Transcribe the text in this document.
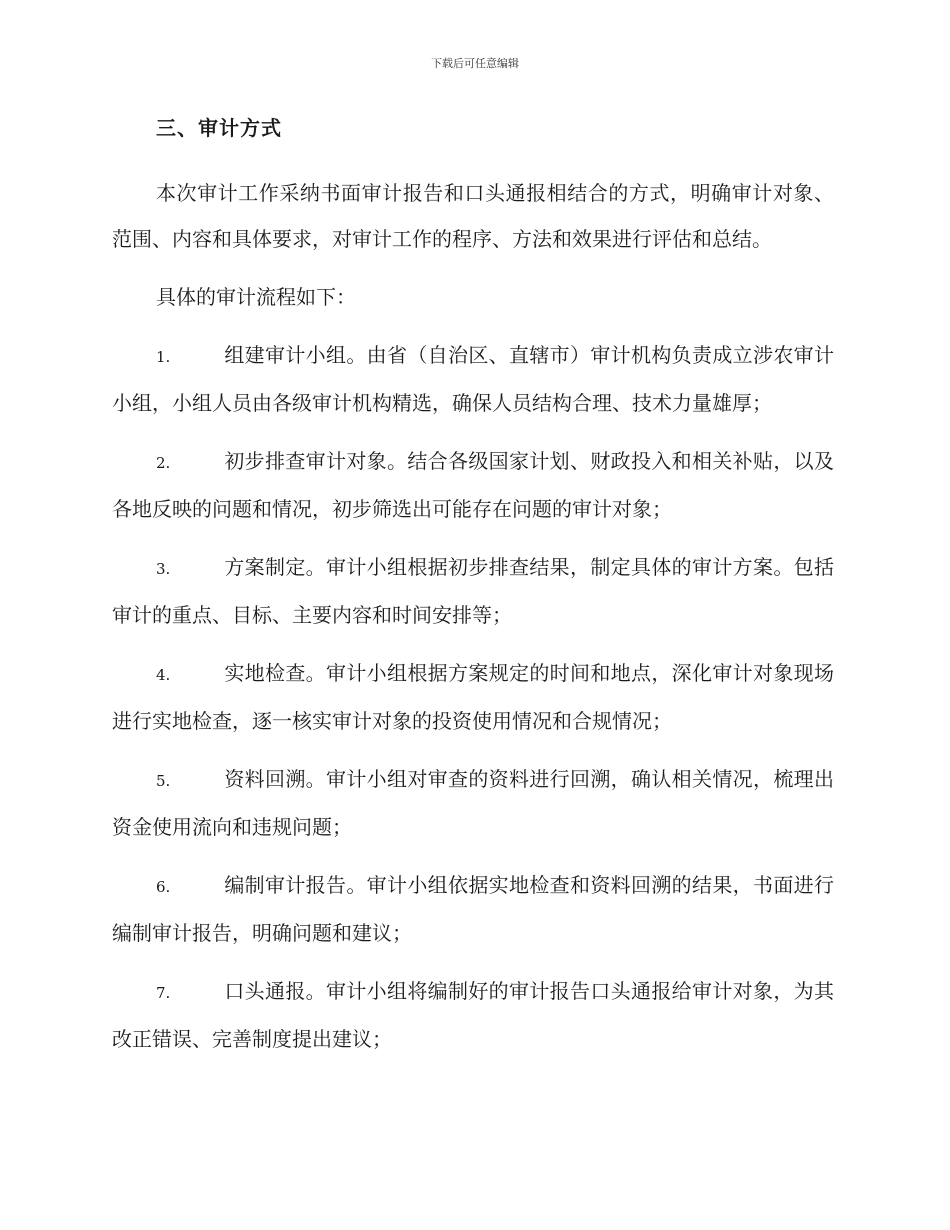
下载后可任意编辑
三、审计方式

本次审计工作采纳书面审计报告和口头通报相结合的方式，明确审计对象、范围、内容和具体要求，对审计工作的程序、方法和效果进行评估和总结。

具体的审计流程如下：

1.	组建审计小组。由省（自治区、直辖市）审计机构负责成立涉农审计小组，小组人员由各级审计机构精选，确保人员结构合理、技术力量雄厚；
2.	初步排查审计对象。结合各级国家计划、财政投入和相关补贴，以及各地反映的问题和情况，初步筛选出可能存在问题的审计对象；
3.	方案制定。审计小组根据初步排查结果，制定具体的审计方案。包括审计的重点、目标、主要内容和时间安排等；
4.	实地检查。审计小组根据方案规定的时间和地点，深化审计对象现场进行实地检查，逐一核实审计对象的投资使用情况和合规情况；
5.	资料回溯。审计小组对审查的资料进行回溯，确认相关情况，梳理出资金使用流向和违规问题；
6.	编制审计报告。审计小组依据实地检查和资料回溯的结果，书面进行编制审计报告，明确问题和建议；
7.	口头通报。审计小组将编制好的审计报告口头通报给审计对象，为其改正错误、完善制度提出建议；
